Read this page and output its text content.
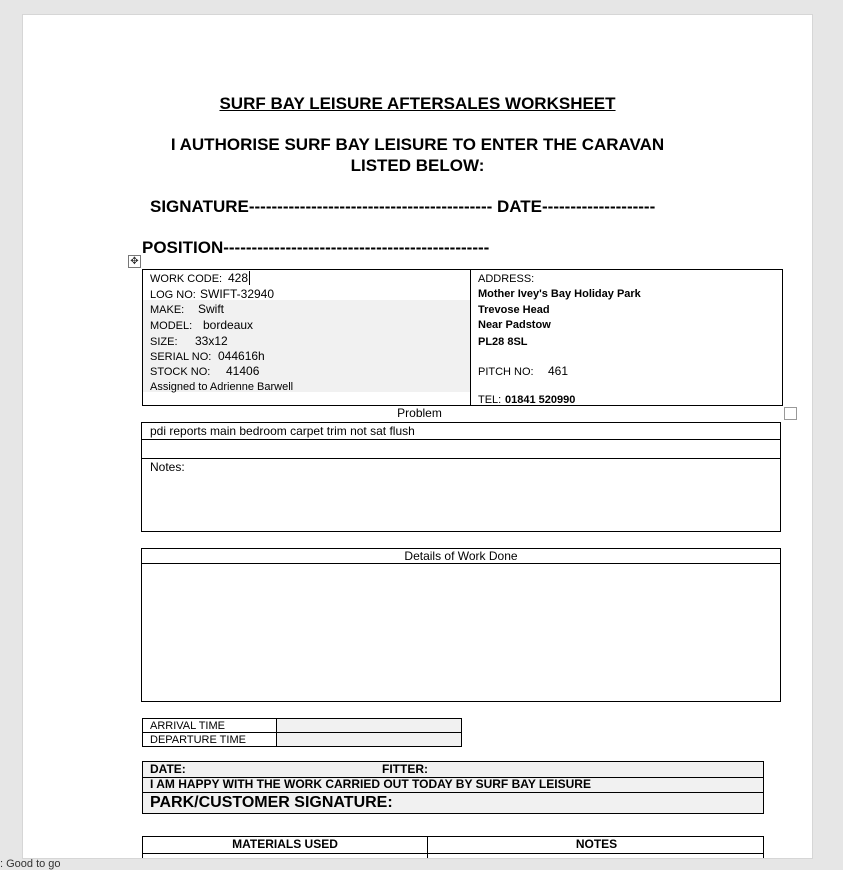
SURF BAY LEISURE AFTERSALES WORKSHEET
I AUTHORISE SURF BAY LEISURE TO ENTER THE CARAVAN
LISTED BELOW:
SIGNATURE------------------------------------------- DATE--------------------
POSITION-----------------------------------------------
✥
WORK CODE: 428
LOG NO: SWIFT-32940
MAKE: Swift
MODEL: bordeaux
SIZE: 33x12
SERIAL NO: 044616h
STOCK NO: 41406
Assigned to Adrienne Barwell
ADDRESS:
Mother Ivey's Bay Holiday Park
Trevose Head
Near Padstow
PL28 8SL
PITCH NO: 461
TEL: 01841 520990
Problem
pdi reports main bedroom carpet trim not sat flush
Notes:
Details of Work Done
ARRIVAL TIME
DEPARTURE TIME
DATE:	FITTER:
I AM HAPPY WITH THE WORK CARRIED OUT TODAY BY SURF BAY LEISURE
PARK/CUSTOMER SIGNATURE:
MATERIALS USED	NOTES
: Good to go
